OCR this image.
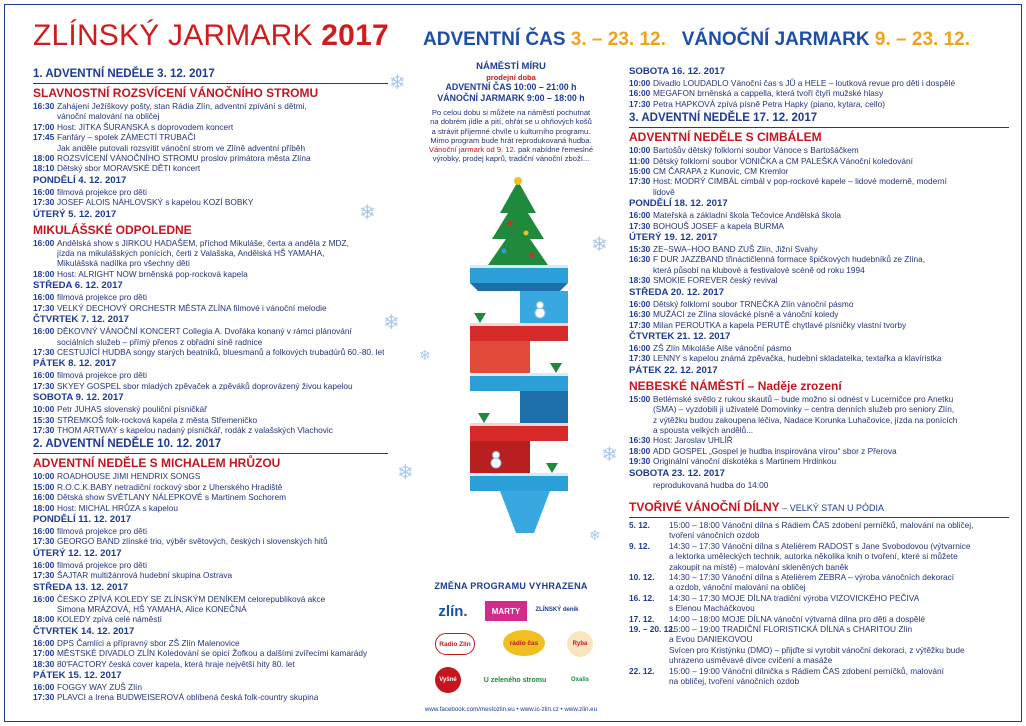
ZLÍNSKÝ JARMARK 2017 ADVENTNÍ ČAS 3. – 23. 12. VÁNOČNÍ JARMARK 9. – 23. 12.
1. ADVENTNÍ NEDĚLE 3. 12. 2017
SLAVNOSTNÍ ROZSVÍCENÍ VÁNOČNÍHO STROMU
16:30 Zahájení Ježíškovy pošty, stan Rádia Zlín, adventní zpívání s dětmi,
vánoční malování na obličej
17:00 Host: JITKA ŠURANSKÁ s doprovodem koncert
17:45 Fanfáry – spolek ZÁMECTÍ TRUBAČI
Jak anděle putovali rozsvítit vánoční strom ve Zlíně adventní příběh
18:00 ROZSVÍCENÍ VÁNOČNÍHO STROMU proslov primátora města Zlína
18:10 Dětský sbor MORAVSKÉ DĚTI koncert
PONDĚLÍ 4. 12. 2017
16:00 filmová projekce pro děti
17:30 JOSEF ALOIS NÁHLOVSKÝ s kapelou KOZÍ BOBKY
ÚTERÝ 5. 12. 2017
MIKULÁŠSKÉ ODPOLEDNE
16:00 Andělská show s JIRKOU HADAŠEM, příchod Mikuláše, čerta a anděla z MDZ,
jízda na mikulášských ponících, čerti z Valašska, Andělská HŠ YAMAHA,
Mikulášská nadílka pro všechny děti
18:00 Host: ALRIGHT NOW brněnská pop-rocková kapela
STŘEDA 6. 12. 2017
16:00 filmová projekce pro děti
17:30 VELKÝ DECHOVÝ ORCHESTR MĚSTA ZLÍNA filmové i vánoční melodie
ČTVRTEK 7. 12. 2017
16:00 DĚKOVNÝ VÁNOČNÍ KONCERT Collegia A. Dvořáka konaný v rámci plánování
sociálních služeb – přímý přenos z obřadní síně radnice
17:30 CESTUJÍCÍ HUDBA songy starých beatníků, bluesmanů a folkových trubadúrů 60.-80. let
PÁTEK 8. 12. 2017
16:00 filmová projekce pro děti
17:30 SKYEY GOSPEL sbor mladých zpěvaček a zpěváků doprovázený živou kapelou
SOBOTA 9. 12. 2017
10:00 Petr JUHAS slovenský pouliční písničkář
15:30 STŘEMKOŠ folk-rocková kapela z města Střemeničko
17:30 THOM ARTWAY s kapelou nadaný písničkář, rodák z valašských Vlachovic
2. ADVENTNÍ NEDĚLE 10. 12. 2017
ADVENTNÍ NEDĚLE S MICHALEM HRŮZOU
10:00 ROADHOUSE JIMI HENDRIX SONGS
15:00 R.O.C.K.BABY netradiční rockový sbor z Uherského Hradiště
16:00 Dětská show SVĚTLANY NÁLEPKOVÉ s Martinem Sochorem
18:00 Host: MICHAL HRŮZA s kapelou
PONDĚLÍ 11. 12. 2017
16:00 filmová projekce pro děti
17:30 GEORGO BAND zlínské trio, výběr světových, českých i slovenských hitů
ÚTERÝ 12. 12. 2017
16:00 filmová projekce pro děti
17:30 ŠAJTAR multižánrová hudební skupina Ostrava
STŘEDA 13. 12. 2017
16:00 ČESKO ZPÍVÁ KOLEDY SE ZLÍNSKÝM DENÍKEM celorepubliková akce
Simona MRÁZOVÁ, HŠ YAMAHA, Alice KONEČNÁ
18:00 KOLEDY zpívá celé náměstí
ČTVRTEK 14. 12. 2017
16:00 DPS Čamlíci a přípravný sbor ZŠ Zlín Malenovice
17:00 MĚSTSKÉ DIVADLO ZLÍN Koledování se opicí Žofkou a dalšími zvířecími kamarády
18:30 80'FACTORY česká cover kapela, která hraje největší hity 80. let
PÁTEK 15. 12. 2017
16:00 FOGGY WAY ZUŠ Zlín
17:30 PLAVCI a Irena BUDWEISEROVÁ oblíbená česká folk-country skupina
SOBOTA 16. 12. 2017
10:00 Divadlo LOUDADLO Vánoční čas s JŮ a HELE – loutková revue pro děti i dospělé
16:00 MEGAFON brněnská a cappella, která tvoří čtyři mužské hlasy
17:30 Petra HAPKOVÁ zpívá písně Petra Hapky (piano, kytara, cello)
3. ADVENTNÍ NEDĚLE 17. 12. 2017
ADVENTNÍ NEDĚLE S CIMBÁLEM
10:00 Bartošův dětský folklorní soubor Vánoce s Bartošáčkem
11:00 Dětský folklorní soubor VONIČKA a CM PALEŠKA Vánoční koledování
15:00 CM ČARAPA z Kunovic, CM Kremlor
17:30 Host: MODRÝ CIMBÁL cimbál v pop-rockové kapele – lidové moderně, moderní
lidově
PONDĚLÍ 18. 12. 2017
16:00 Mateřská a základní škola Tečovice Andělská škola
17:30 BOHOUŠ JOSEF a kapela BURMA
ÚTERÝ 19. 12. 2017
15:30 ZE–SWA–HOO BAND ZUŠ Zlín, Jižní Svahy
16:30 F DUR JAZZBAND třináctičlenná formace špičkových hudebníků ze Zlína,
která působí na klubové a festivalové scéně od roku 1994
18:30 SMOKIE FOREVER český revival
STŘEDA 20. 12. 2017
16:00 Dětský folklorní soubor TRNEČKA Zlín vánoční pásmo
16:30 MUŽÁCI ze Zlína slovácké písně a vánoční koledy
17:30 Milan PEROUTKA a kapela PERUTĚ chytlavé písničky vlastní tvorby
ČTVRTEK 21. 12. 2017
16:00 ZŠ Zlín Mikoláše Alše vánoční pásmo
17:30 LENNY s kapelou známá zpěvačka, hudební skladatelka, textařka a klavíristka
PÁTEK 22. 12. 2017
NEBESKÉ NÁMĚSTÍ – Naděje zrození
15:00 Betlémské světlo z rukou skautů – bude možno si odnést v Lucerničce pro Anetku
(SMA) – vyzdobili ji uživatelé Domovinky – centra denních služeb pro seniory Zlín,
z výtěžku budou zakoupena léčiva, Nadace Korunka Luhačovice, jízda na ponících
a spousta velkých andělů...
16:30 Host: Jaroslav UHLÍŘ
18:00 ADD GOSPEL „Gospel je hudba inspirována vírou“ sbor z Přerova
19:30 Originální vánoční diskotéka s Martinem Hrdinkou
SOBOTA 23. 12. 2017
reprodukovaná hudba do 14:00
TVOŘIVÉ VÁNOČNÍ DÍLNY – VELKÝ STAN U PÓDIA
5. 12.	15:00 – 18:00 Vánoční dílna s Rádiem ČAS zdobení perníčků, malování na obličej,
tvoření vánočních ozdob
9. 12.	14:30 – 17:30 Vánoční dílna s Ateliérem RADOST s Jane Svobodovou (výtvarnice
a lektorka uměleckých technik, autorka několika knih o tvoření, které si můžete
zakoupit na místě) – malování skleněných baněk
10. 12.	14:30 – 17:30 Vánoční dílna s Ateliérem ZEBRA – výroba vánočních dekorací
a ozdob, vánoční malování na obličej
16. 12.	14:30 – 17:30 MOJE DÍLNA tradiční výroba VIZOVICKÉHO PEČIVA
s Elenou Macháčkovou
17. 12.	14:00 – 18:00 MOJE DÍLNA vánoční výtvarná dílna pro děti a dospělé
19. – 20. 12.
15:00 – 19:00 TRADIČNÍ FLORISTICKÁ DÍLNA s CHARITOU Zlín
a Evou DANIEKOVOU
Svícen pro Kristýnku (DMO) – přijďte si vyrobit vánoční dekoraci, z výtěžku bude
uhrazeno usměvavé dívce cvičení a masáže
22. 12.	15:00 – 19:00 Vánoční dílnička s Rádiem ČAS zdobení perníčků, malování
na obličej, tvoření vánočních ozdob
NÁMĚSTÍ MÍRU
prodejní doba
ADVENTNÍ ČAS 10:00 – 21:00 h
VÁNOČNÍ JARMARK 9:00 – 18:00 h
Po celou dobu si můžete na náměstí pochutnat
na dobrém jídle a pití, ohřát se u ohňových košů
a strávit příjemné chvíle u kulturního programu.
Mimo program bude hrát reprodukovaná hudba.
Vánoční jarmark od 9. 12. pak nabídne řemeslné
výrobky, prodej kaprů, tradiční vánoční zboží...
ZMĚNA PROGRAMU VYHRAZENA
www.facebook.com/mestozlin.eu • www.ic-zlin.cz • www.zlin.eu
zlín.	MARTY	ZLÍNSKÝ deník
Radio Zlín	rádio čas	Ryba
Vyšné	U zeleného stromu	Oxalis
❄
❄
❄
❄
❄
❄
❄
❄
